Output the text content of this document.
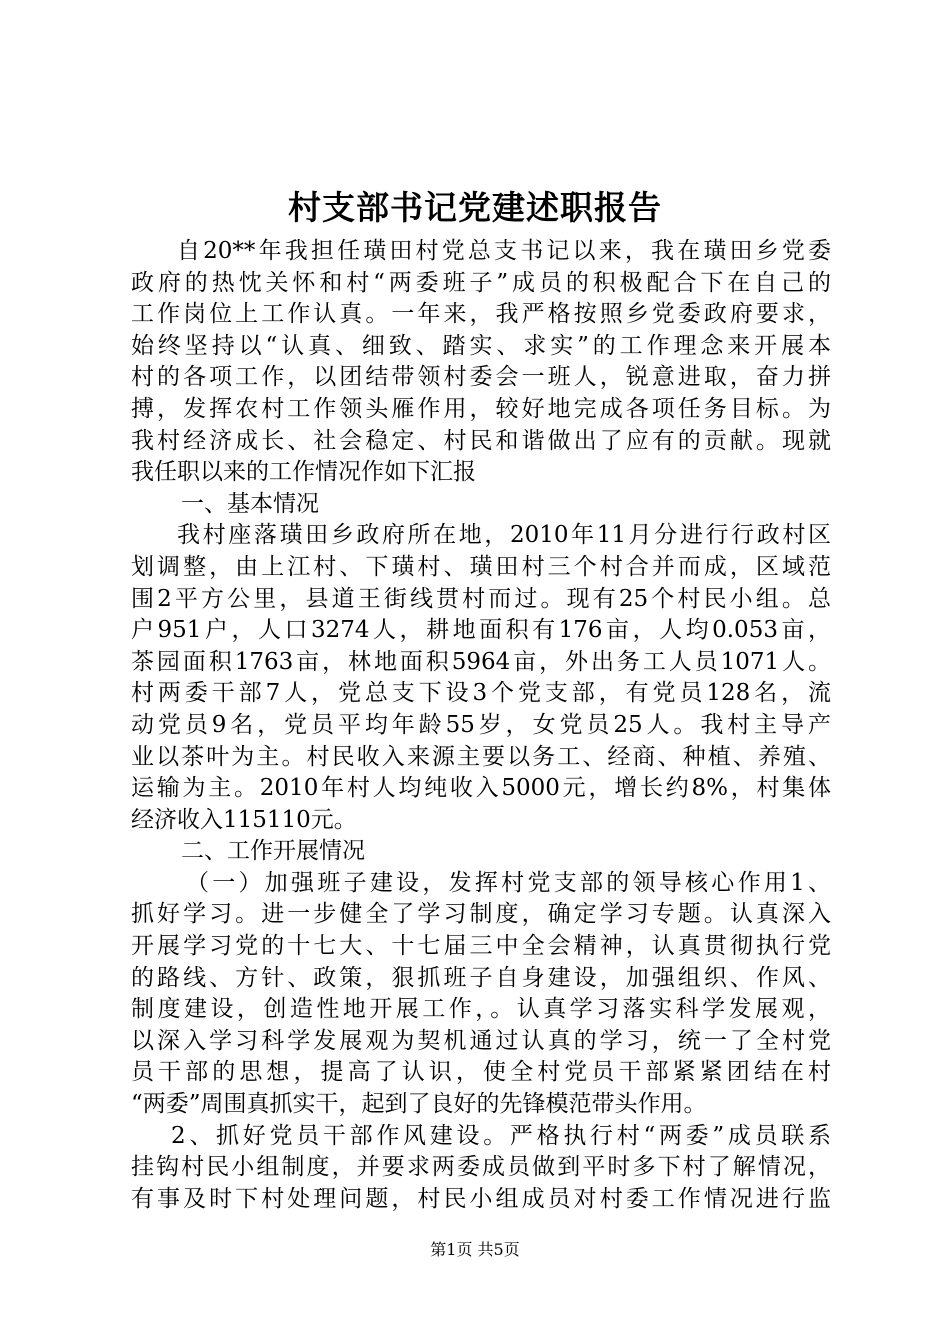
村支部书记党建述职报告
自20**年我担任璜田村党总支书记以来，我在璜田乡党委
政府的热忱关怀和村“两委班子”成员的积极配合下在自己的
工作岗位上工作认真。一年来，我严格按照乡党委政府要求，
始终坚持以“认真、细致、踏实、求实”的工作理念来开展本
村的各项工作，以团结带领村委会一班人，锐意进取，奋力拼
搏，发挥农村工作领头雁作用，较好地完成各项任务目标。为
我村经济成长、社会稳定、村民和谐做出了应有的贡献。现就
我任职以来的工作情况作如下汇报
一、基本情况
我村座落璜田乡政府所在地，2010年11月分进行行政村区
划调整，由上江村、下璜村、璜田村三个村合并而成，区域范
围2平方公里，县道王街线贯村而过。现有25个村民小组。总
户951户，人口3274人，耕地面积有176亩，人均0.053亩，
茶园面积1763亩，林地面积5964亩，外出务工人员1071人。
村两委干部7人，党总支下设3个党支部，有党员128名，流
动党员9名，党员平均年龄55岁，女党员25人。我村主导产
业以茶叶为主。村民收入来源主要以务工、经商、种植、养殖、
运输为主。2010年村人均纯收入5000元，增长约8%，村集体
经济收入115110元。
二、工作开展情况
（一）加强班子建设，发挥村党支部的领导核心作用1、
抓好学习。进一步健全了学习制度，确定学习专题。认真深入
开展学习党的十七大、十七届三中全会精神，认真贯彻执行党
的路线、方针、政策，狠抓班子自身建设，加强组织、作风、
制度建设，创造性地开展工作，。认真学习落实科学发展观，
以深入学习科学发展观为契机通过认真的学习，统一了全村党
员干部的思想，提高了认识，使全村党员干部紧紧团结在村
“两委”周围真抓实干，起到了良好的先锋模范带头作用。
2、抓好党员干部作风建设。严格执行村“两委”成员联系
挂钩村民小组制度，并要求两委成员做到平时多下村了解情况，
有事及时下村处理问题，村民小组成员对村委工作情况进行监
第1页 共5页
